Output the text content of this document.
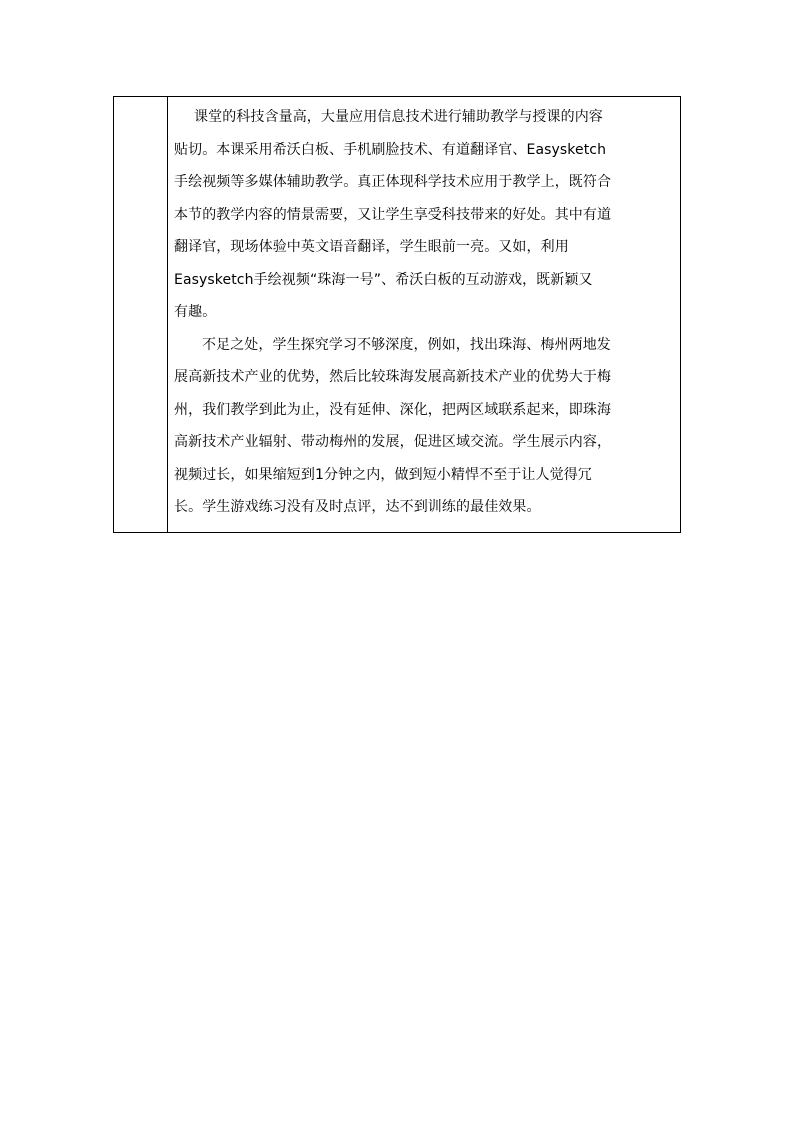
课堂的科技含量高，大量应用信息技术进行辅助教学与授课的内容
贴切。本课采用希沃白板、手机刷脸技术、有道翻译官、Easysketch
手绘视频等多媒体辅助教学。真正体现科学技术应用于教学上，既符合
本节的教学内容的情景需要，又让学生享受科技带来的好处。其中有道
翻译官，现场体验中英文语音翻译，学生眼前一亮。又如，利用
Easysketch手绘视频“珠海一号”、希沃白板的互动游戏，既新颖又
有趣。
不足之处，学生探究学习不够深度，例如，找出珠海、梅州两地发
展高新技术产业的优势，然后比较珠海发展高新技术产业的优势大于梅
州，我们教学到此为止，没有延伸、深化，把两区域联系起来，即珠海
高新技术产业辐射、带动梅州的发展，促进区域交流。学生展示内容，
视频过长，如果缩短到1分钟之内，做到短小精悍不至于让人觉得冗
长。学生游戏练习没有及时点评，达不到训练的最佳效果。
